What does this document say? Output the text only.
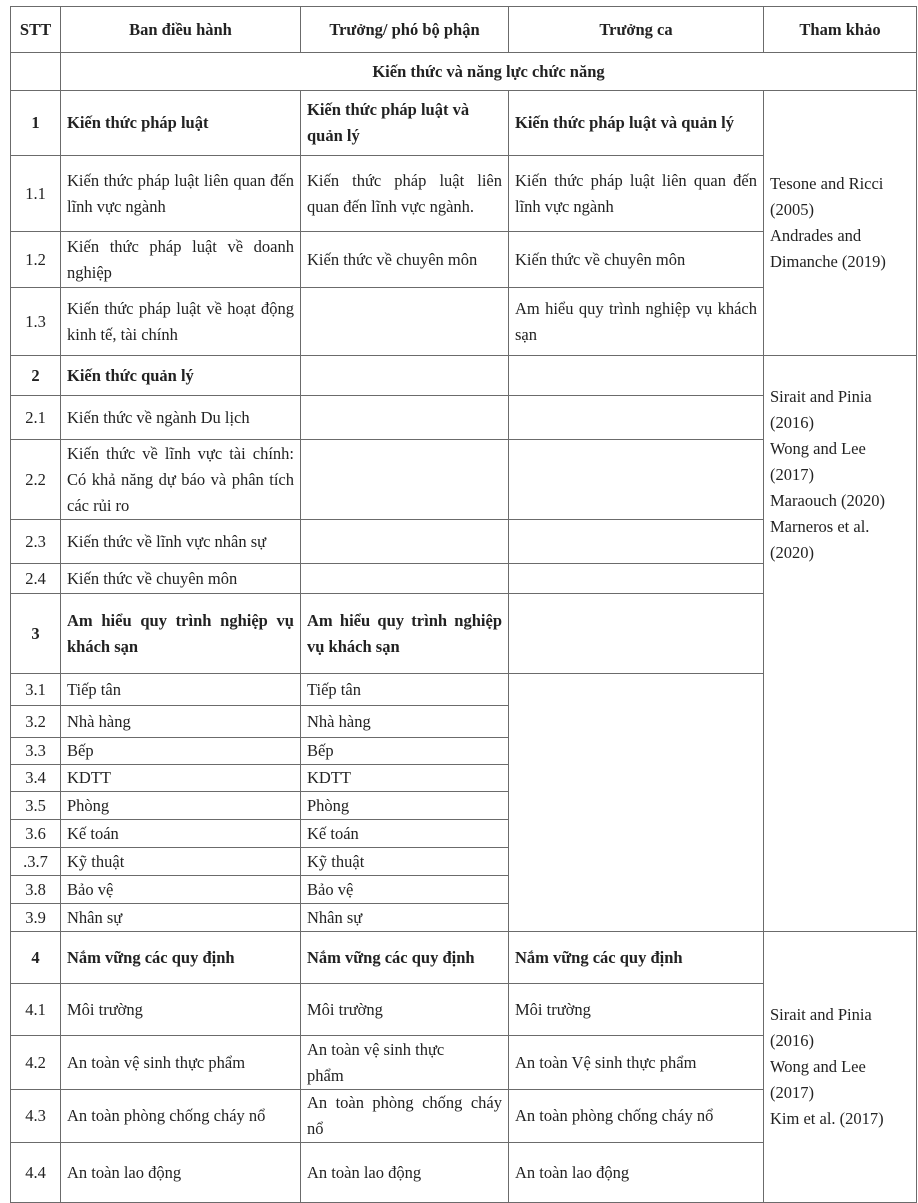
STT	Ban điều hành	Trưởng/ phó bộ phận	Trưởng ca	Tham khảo
	Kiến thức và năng lực chức năng			
1	Kiến thức pháp luật	Kiến thức pháp luật và quản lý	Kiến thức pháp luật và quản lý	Tesone and Ricci (2005)
Andrades and Dimanche (2019)

1.1	Kiến thức pháp luật liên quan đến lĩnh vực ngành	Kiến thức pháp luật liên quan đến lĩnh vực ngành.	Kiến thức pháp luật liên quan đến lĩnh vực ngành	
1.2	Kiến thức pháp luật về doanh nghiệp	Kiến thức về chuyên môn	Kiến thức về chuyên môn	
1.3	Kiến thức pháp luật về hoạt động kinh tế, tài chính		Am hiểu quy trình nghiệp vụ khách sạn	
2	Kiến thức quản lý			Sirait and Pinia (2016)
Wong and Lee (2017)
Maraouch (2020)
Marneros et al. (2020)

2.1	Kiến thức về ngành Du lịch			
2.2	Kiến thức về lĩnh vực tài chính: Có khả năng dự báo và phân tích các rủi ro			
2.3	Kiến thức về lĩnh vực nhân sự			
2.4	Kiến thức về chuyên môn			
3	Am hiểu quy trình nghiệp vụ khách sạn	Am hiểu quy trình nghiệp vụ khách sạn		
3.1	Tiếp tân	Tiếp tân		
3.2	Nhà hàng	Nhà hàng		
3.3	Bếp	Bếp		
3.4	KDTT	KDTT		
3.5	Phòng	Phòng		
3.6	Kế toán	Kế toán		
.3.7	Kỹ thuật	Kỹ thuật		
3.8	Bảo vệ	Bảo vệ		
3.9	Nhân sự	Nhân sự		
4	Nắm vững các quy định	Nắm vững các quy định	Nắm vững các quy định	Sirait and Pinia (2016)
Wong and Lee (2017)
Kim et al. (2017)

4.1	Môi trường	Môi trường	Môi trường	
4.2	An toàn vệ sinh thực phẩm	An toàn vệ sinh thực phẩm	An toàn Vệ sinh thực phẩm	
4.3	An toàn phòng chống cháy nổ	An toàn phòng chống cháy nổ	An toàn phòng chống cháy nổ	
4.4	An toàn lao động	An toàn lao động	An toàn lao động	
